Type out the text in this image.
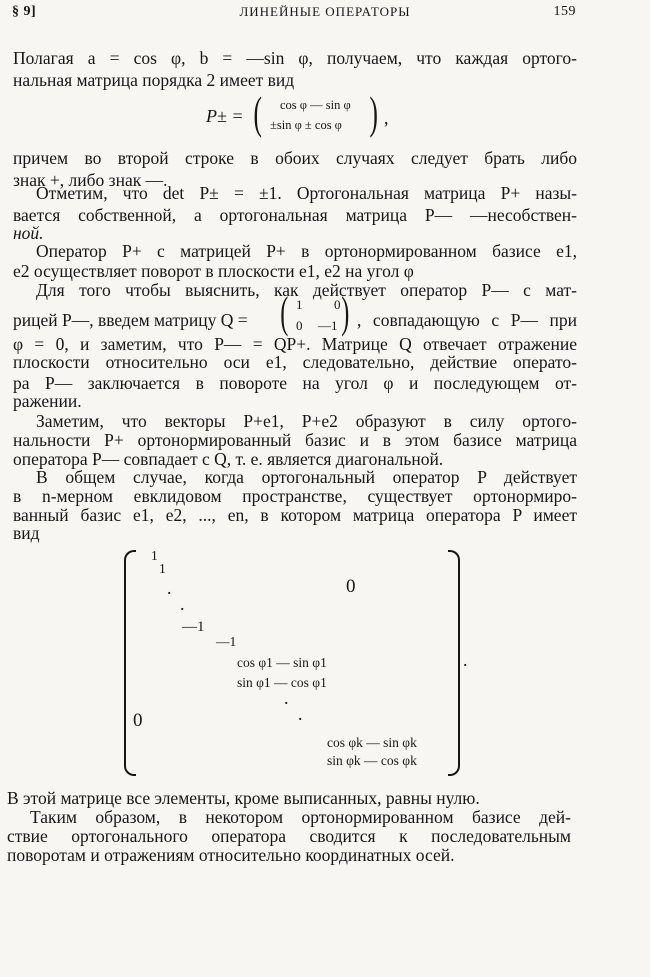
§ 9]	ЛИНЕЙНЫЕ ОПЕРАТОРЫ	159
Полагая a = cos φ, b = —sin φ, получаем, что каждая ортого-
нальная матрица порядка 2 имеет вид
P± = ( cos φ — sin φ
±sin φ ± cos φ ) ,
причем во второй строке в обоих случаях следует брать либо
знак +, либо знак —.
Отметим, что det P± = ±1. Ортогональная матрица P+ назы-
вается собственной, а ортогональная матрица P— —несобствен-
ной.
Оператор P+ с матрицей P+ в ортонормированном базисе e1,
e2 осуществляет поворот в плоскости e1, e2 на угол φ
Для того чтобы выяснить, как действует оператор P— с мат-
рицей P—, введем матрицу Q = ( 1 0
0 —1 ) , совпадающую с P— при
φ = 0, и заметим, что P— = QP+. Матрице Q отвечает отражение
плоскости относительно оси e1, следовательно, действие операто-
ра P— заключается в повороте на угол φ и последующем от-
ражении.
Заметим, что векторы P+e1, P+e2 образуют в силу ортого-
нальности P+ ортонормированный базис и в этом базисе матрица
оператора P— совпадает с Q, т. е. является диагональной.
В общем случае, когда ортогональный оператор P действует
в n-мерном евклидовом пространстве, существует ортонормиро-
ванный базис e1, e2, ..., en, в котором матрица оператора P имеет
вид
1
1
.
.
—1
—1
cos φ1 — sin φ1
sin φ1 — cos φ1
.
.
cos φk — sin φk
sin φk — cos φk
0
0
.
В этой матрице все элементы, кроме выписанных, равны нулю.
Таким образом, в некотором ортонормированном базисе дей-
ствие ортогонального оператора сводится к последовательным
поворотам и отражениям относительно координатных осей.
